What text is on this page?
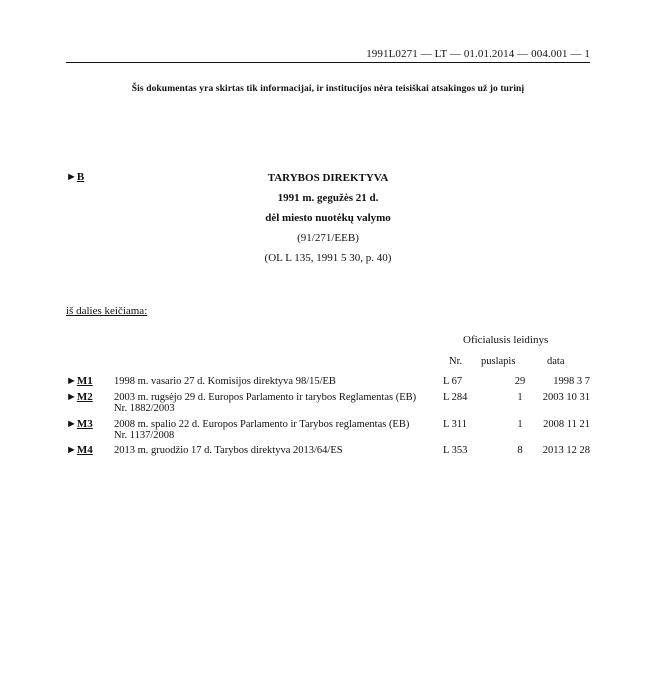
1991L0271 — LT — 01.01.2014 — 004.001 — 1
Šis dokumentas yra skirtas tik informacijai, ir institucijos nėra teisiškai atsakingos už jo turinį
►B	TARYBOS DIREKTYVA
1991 m. gegužės 21 d.
dėl miesto nuotėkų valymo
(91/271/EEB)
(OL L 135, 1991 5 30, p. 40)
iš dalies keičiama:
Oficialusis leidinys
Nr. puslapis	data
►M1 1998 m. vasario 27 d. Komisijos direktyva 98/15/EB	L 67	29	1998 3 7
►M2 2003 m. rugsėjo 29 d. Europos Parlamento ir tarybos Reglamentas (EB)
Nr. 1882/2003
L 284	1	2003 10 31
►M3 2008 m. spalio 22 d. Europos Parlamento ir Tarybos reglamentas (EB)
Nr. 1137/2008
L 311	1	2008 11 21
►M4 2013 m. gruodžio 17 d. Tarybos direktyva 2013/64/ES	L 353	8	2013 12 28
